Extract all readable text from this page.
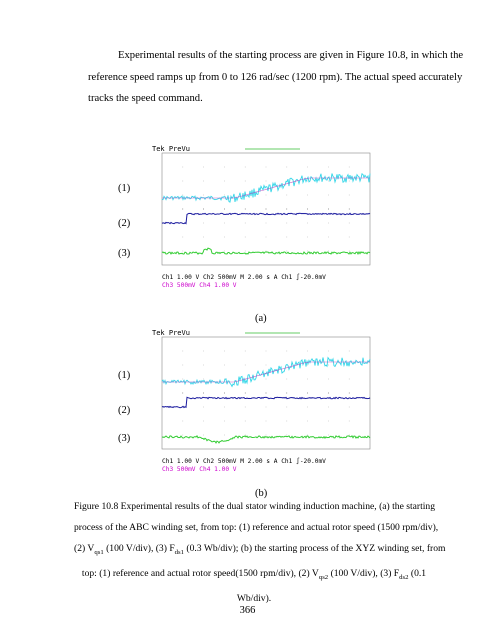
Experimental results of the starting process are given in Figure 10.8, in which the
reference speed ramps up from 0 to 126 rad/sec (1200 rpm). The actual speed accurately
tracks the speed command.
(1)
(2)
(3)
Tek PreVu
Ch1 1.00 V Ch2 500mV M 2.00 s A Ch1 ∫-20.0mV
Ch3 500mV Ch4 1.00 V
(a)
(1)
(2)
(3)
Tek PreVu
Ch1 1.00 V Ch2 500mV M 2.00 s A Ch1 ∫-20.0mV
Ch3 500mV Ch4 1.00 V
(b)
Figure 10.8 Experimental results of the dual stator winding induction machine, (a) the starting
process of the ABC winding set, from top: (1) reference and actual rotor speed (1500 rpm/div),
(2) $V_{qs1}$ (100 V/div), (3) $F_{ds1}$ (0.3 Wb/div); (b) the starting process of the XYZ winding set, from
top: (1) reference and actual rotor speed(1500 rpm/div), (2) $V_{qs2}$ (100 V/div), (3) $F_{ds2}$ (0.1
Wb/div).
366
